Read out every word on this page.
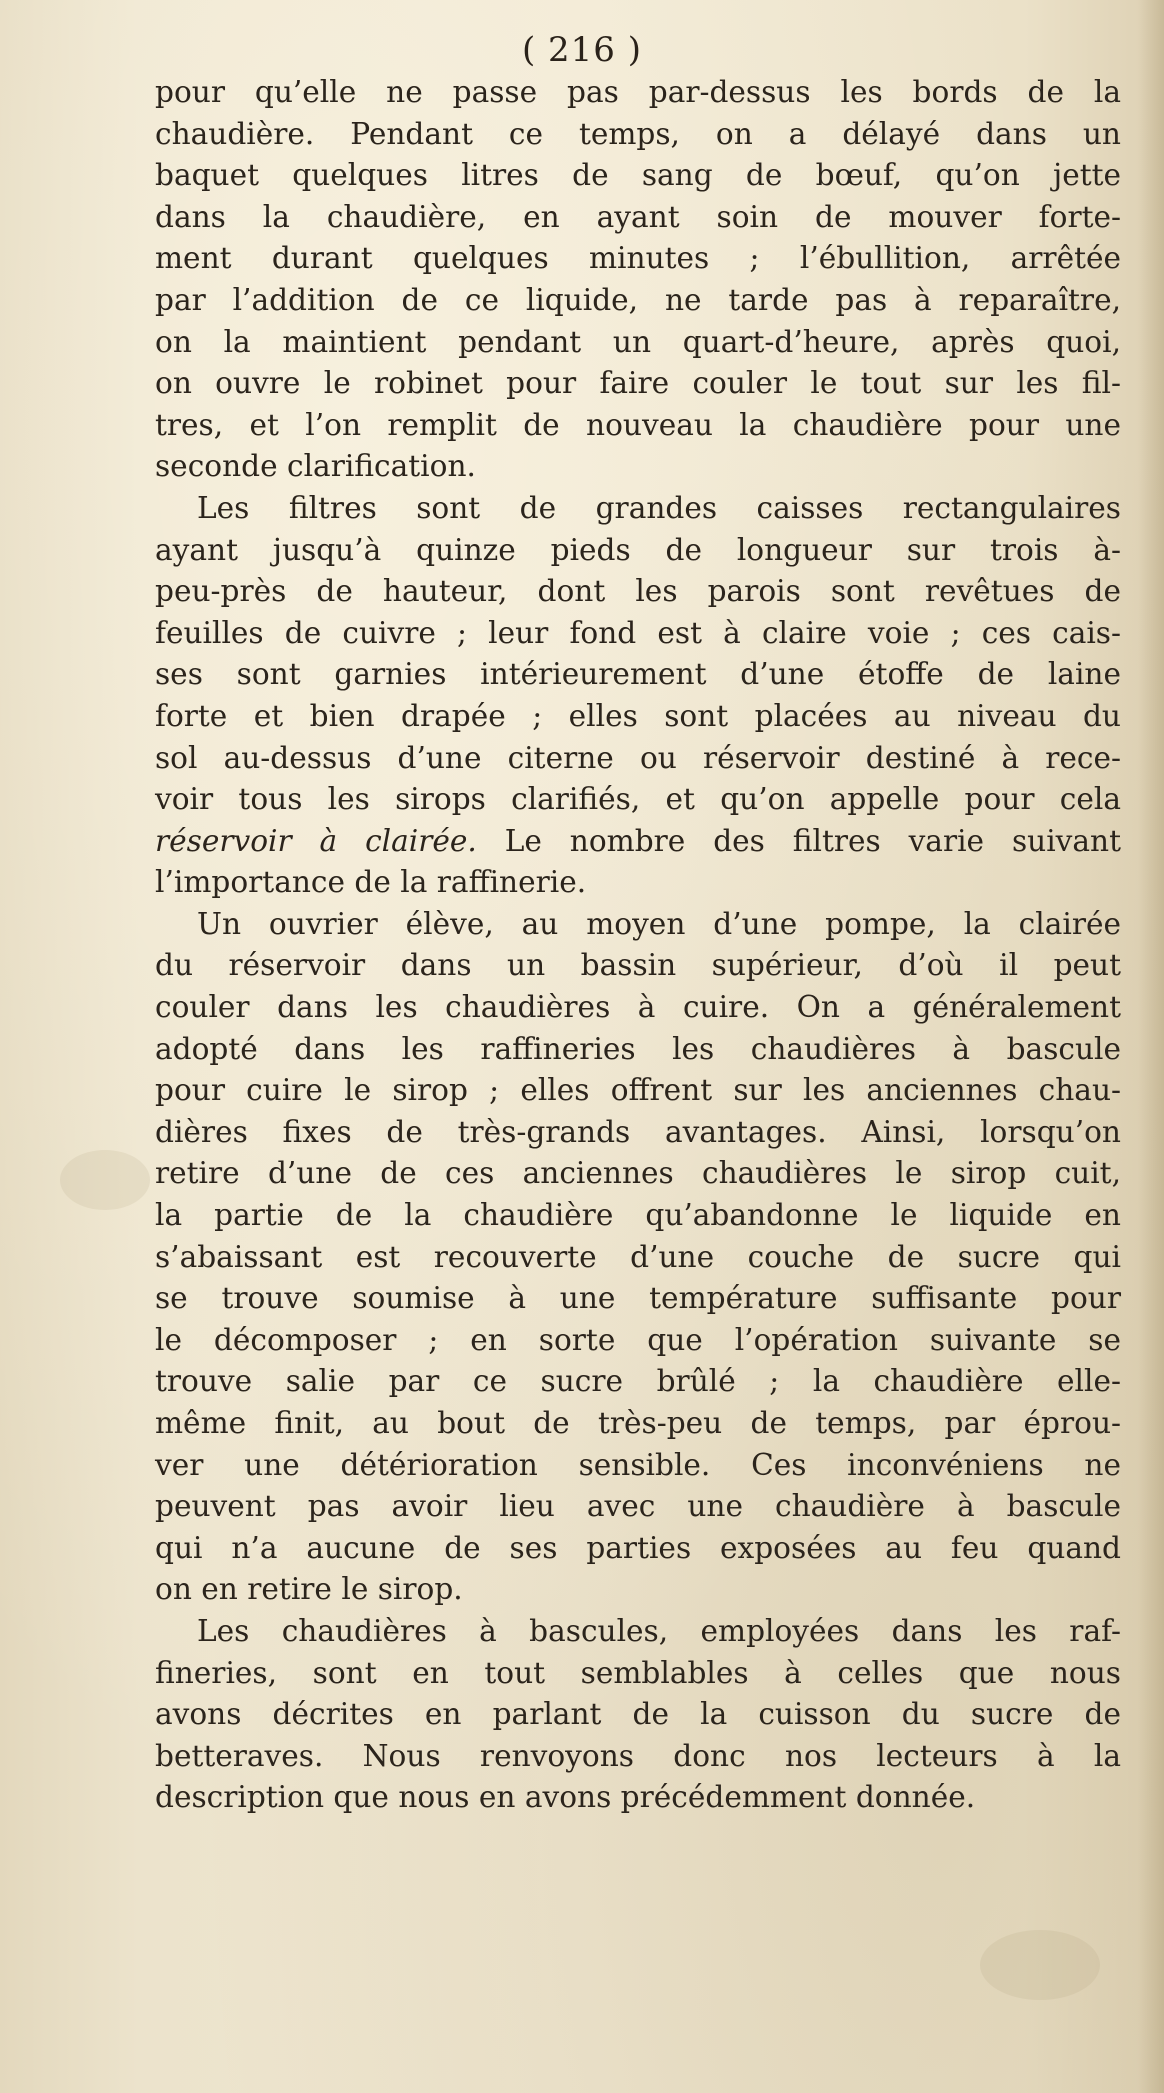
( 216 )
pour qu’elle ne passe pas par-dessus les bords de la
chaudière. Pendant ce temps, on a délayé dans un
baquet quelques litres de sang de bœuf, qu’on jette
dans la chaudière, en ayant soin de mouver forte-
ment durant quelques minutes ; l’ébullition, arrêtée
par l’addition de ce liquide, ne tarde pas à reparaître,
on la maintient pendant un quart-d’heure, après quoi,
on ouvre le robinet pour faire couler le tout sur les fil-
tres, et l’on remplit de nouveau la chaudière pour une
seconde clarification.
Les filtres sont de grandes caisses rectangulaires
ayant jusqu’à quinze pieds de longueur sur trois à-
peu-près de hauteur, dont les parois sont revêtues de
feuilles de cuivre ; leur fond est à claire voie ; ces cais-
ses sont garnies intérieurement d’une étoffe de laine
forte et bien drapée ; elles sont placées au niveau du
sol au-dessus d’une citerne ou réservoir destiné à rece-
voir tous les sirops clarifiés, et qu’on appelle pour cela
réservoir à clairée. Le nombre des filtres varie suivant
l’importance de la raffinerie.
Un ouvrier élève, au moyen d’une pompe, la clairée
du réservoir dans un bassin supérieur, d’où il peut
couler dans les chaudières à cuire. On a généralement
adopté dans les raffineries les chaudières à bascule
pour cuire le sirop ; elles offrent sur les anciennes chau-
dières fixes de très-grands avantages. Ainsi, lorsqu’on
retire d’une de ces anciennes chaudières le sirop cuit,
la partie de la chaudière qu’abandonne le liquide en
s’abaissant est recouverte d’une couche de sucre qui
se trouve soumise à une température suffisante pour
le décomposer ; en sorte que l’opération suivante se
trouve salie par ce sucre brûlé ; la chaudière elle-
même finit, au bout de très-peu de temps, par éprou-
ver une détérioration sensible. Ces inconvéniens ne
peuvent pas avoir lieu avec une chaudière à bascule
qui n’a aucune de ses parties exposées au feu quand
on en retire le sirop.
Les chaudières à bascules, employées dans les raf-
fineries, sont en tout semblables à celles que nous
avons décrites en parlant de la cuisson du sucre de
betteraves. Nous renvoyons donc nos lecteurs à la
description que nous en avons précédemment donnée.
